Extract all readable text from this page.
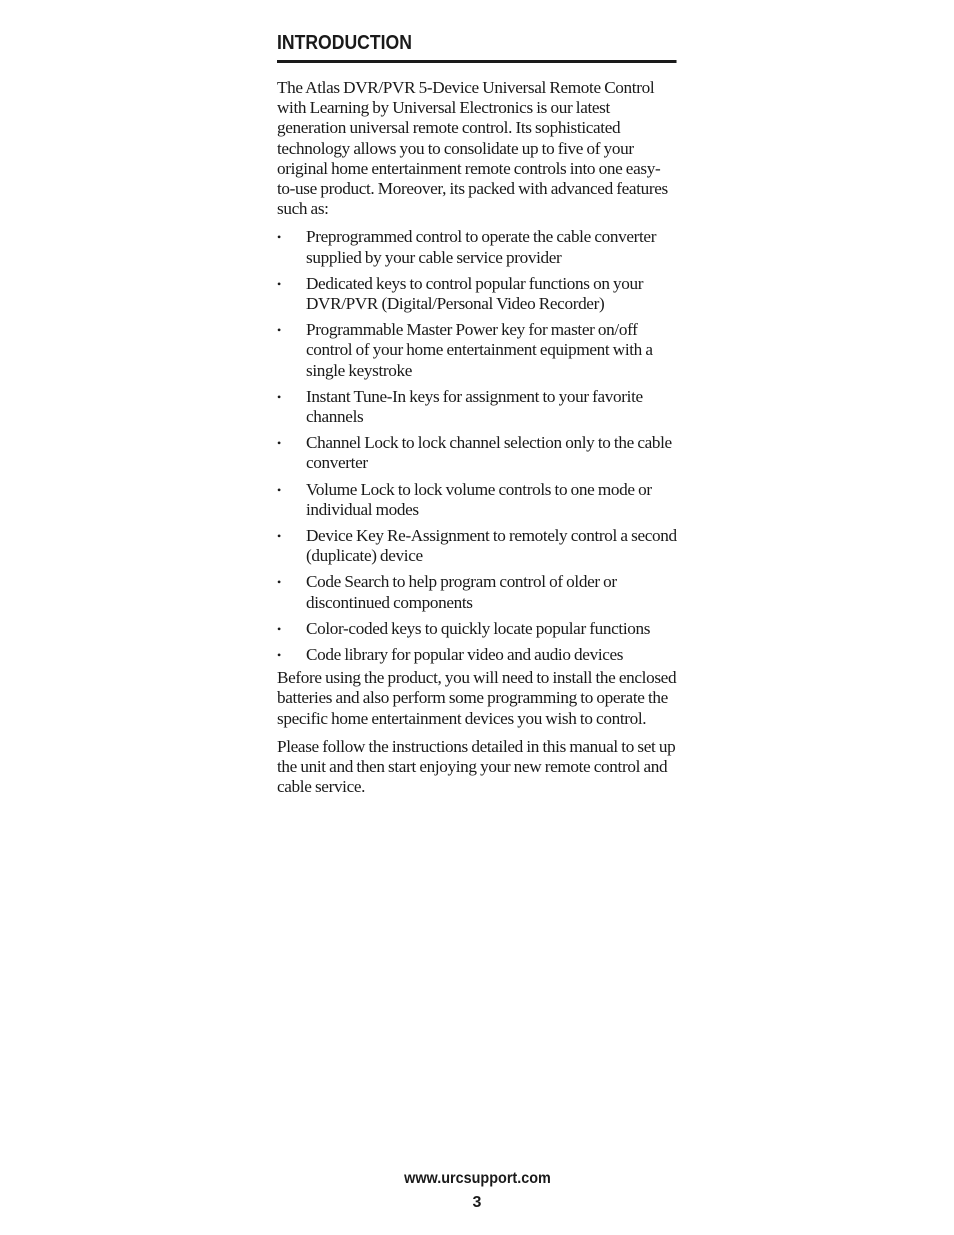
INTRODUCTION

The Atlas DVR/PVR 5-Device Universal Remote Control with Learning by Universal Electronics is our latest generation universal remote control. Its sophisticated technology allows you to consolidate up to five of your original home entertainment remote controls into one easy-to-use product. Moreover, its packed with advanced features such as:

• Preprogrammed control to operate the cable converter supplied by your cable service provider
• Dedicated keys to control popular functions on your DVR/PVR (Digital/Personal Video Recorder)
• Programmable Master Power key for master on/off control of your home entertainment equipment with a single keystroke
• Instant Tune-In keys for assignment to your favorite channels
• Channel Lock to lock channel selection only to the cable converter
• Volume Lock to lock volume controls to one mode or individual modes
• Device Key Re-Assignment to remotely control a second (duplicate) device
• Code Search to help program control of older or discontinued components
• Color-coded keys to quickly locate popular functions
• Code library for popular video and audio devices

Before using the product, you will need to install the enclosed batteries and also perform some programming to operate the specific home entertainment devices you wish to control.

Please follow the instructions detailed in this manual to set up the unit and then start enjoying your new remote control and cable service.

www.urcsupport.com
3
